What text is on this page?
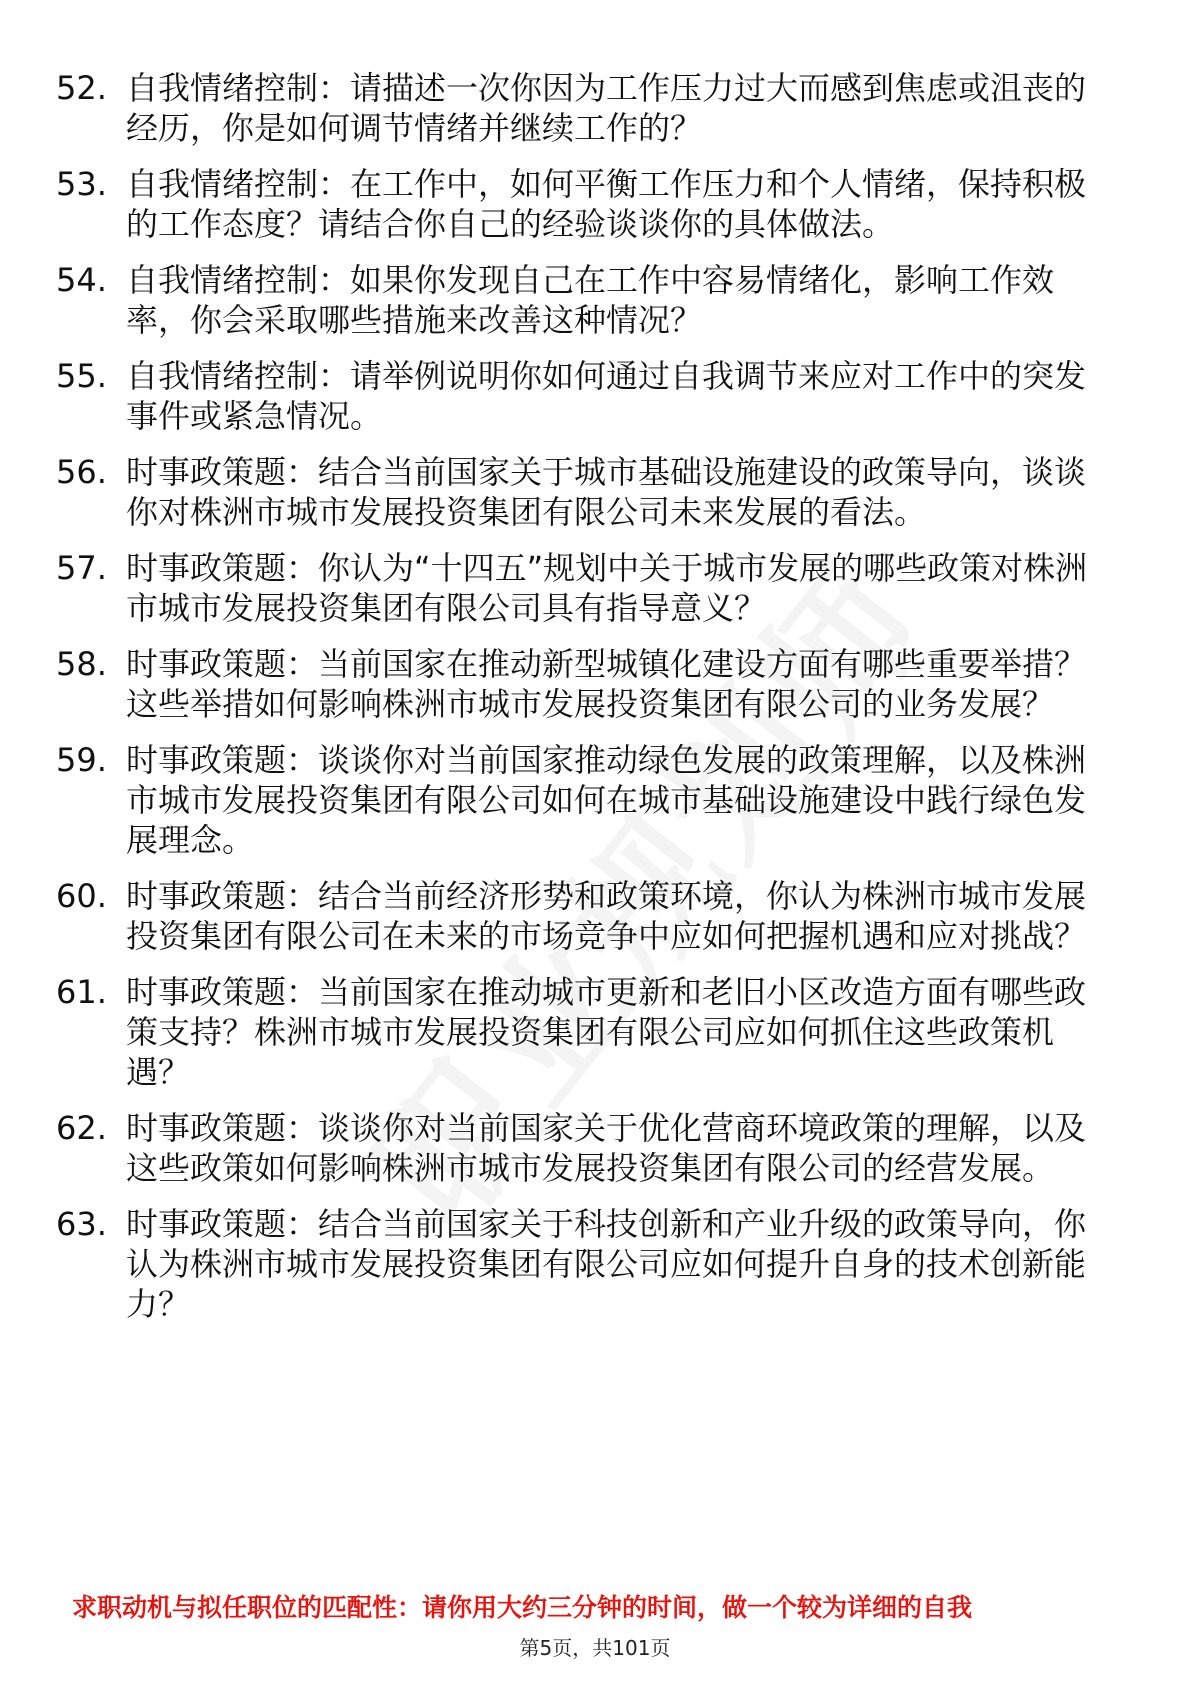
52. 自我情绪控制：请描述一次你因为工作压力过大而感到焦虑或沮丧的经历，你是如何调节情绪并继续工作的？
53. 自我情绪控制：在工作中，如何平衡工作压力和个人情绪，保持积极的工作态度？请结合你自己的经验谈谈你的具体做法。
54. 自我情绪控制：如果你发现自己在工作中容易情绪化，影响工作效率，你会采取哪些措施来改善这种情况？
55. 自我情绪控制：请举例说明你如何通过自我调节来应对工作中的突发事件或紧急情况。
56. 时事政策题：结合当前国家关于城市基础设施建设的政策导向，谈谈你对株洲市城市发展投资集团有限公司未来发展的看法。
57. 时事政策题：你认为“十四五”规划中关于城市发展的哪些政策对株洲市城市发展投资集团有限公司具有指导意义？
58. 时事政策题：当前国家在推动新型城镇化建设方面有哪些重要举措？这些举措如何影响株洲市城市发展投资集团有限公司的业务发展？
59. 时事政策题：谈谈你对当前国家推动绿色发展的政策理解，以及株洲市城市发展投资集团有限公司如何在城市基础设施建设中践行绿色发展理念。
60. 时事政策题：结合当前经济形势和政策环境，你认为株洲市城市发展投资集团有限公司在未来的市场竞争中应如何把握机遇和应对挑战？
61. 时事政策题：当前国家在推动城市更新和老旧小区改造方面有哪些政策支持？株洲市城市发展投资集团有限公司应如何抓住这些政策机遇？
62. 时事政策题：谈谈你对当前国家关于优化营商环境政策的理解，以及这些政策如何影响株洲市城市发展投资集团有限公司的经营发展。
63. 时事政策题：结合当前国家关于科技创新和产业升级的政策导向，你认为株洲市城市发展投资集团有限公司应如何提升自身的技术创新能力？
求职动机与拟任职位的匹配性：请你用大约三分钟的时间，做一个较为详细的自我
第5页，共101页
